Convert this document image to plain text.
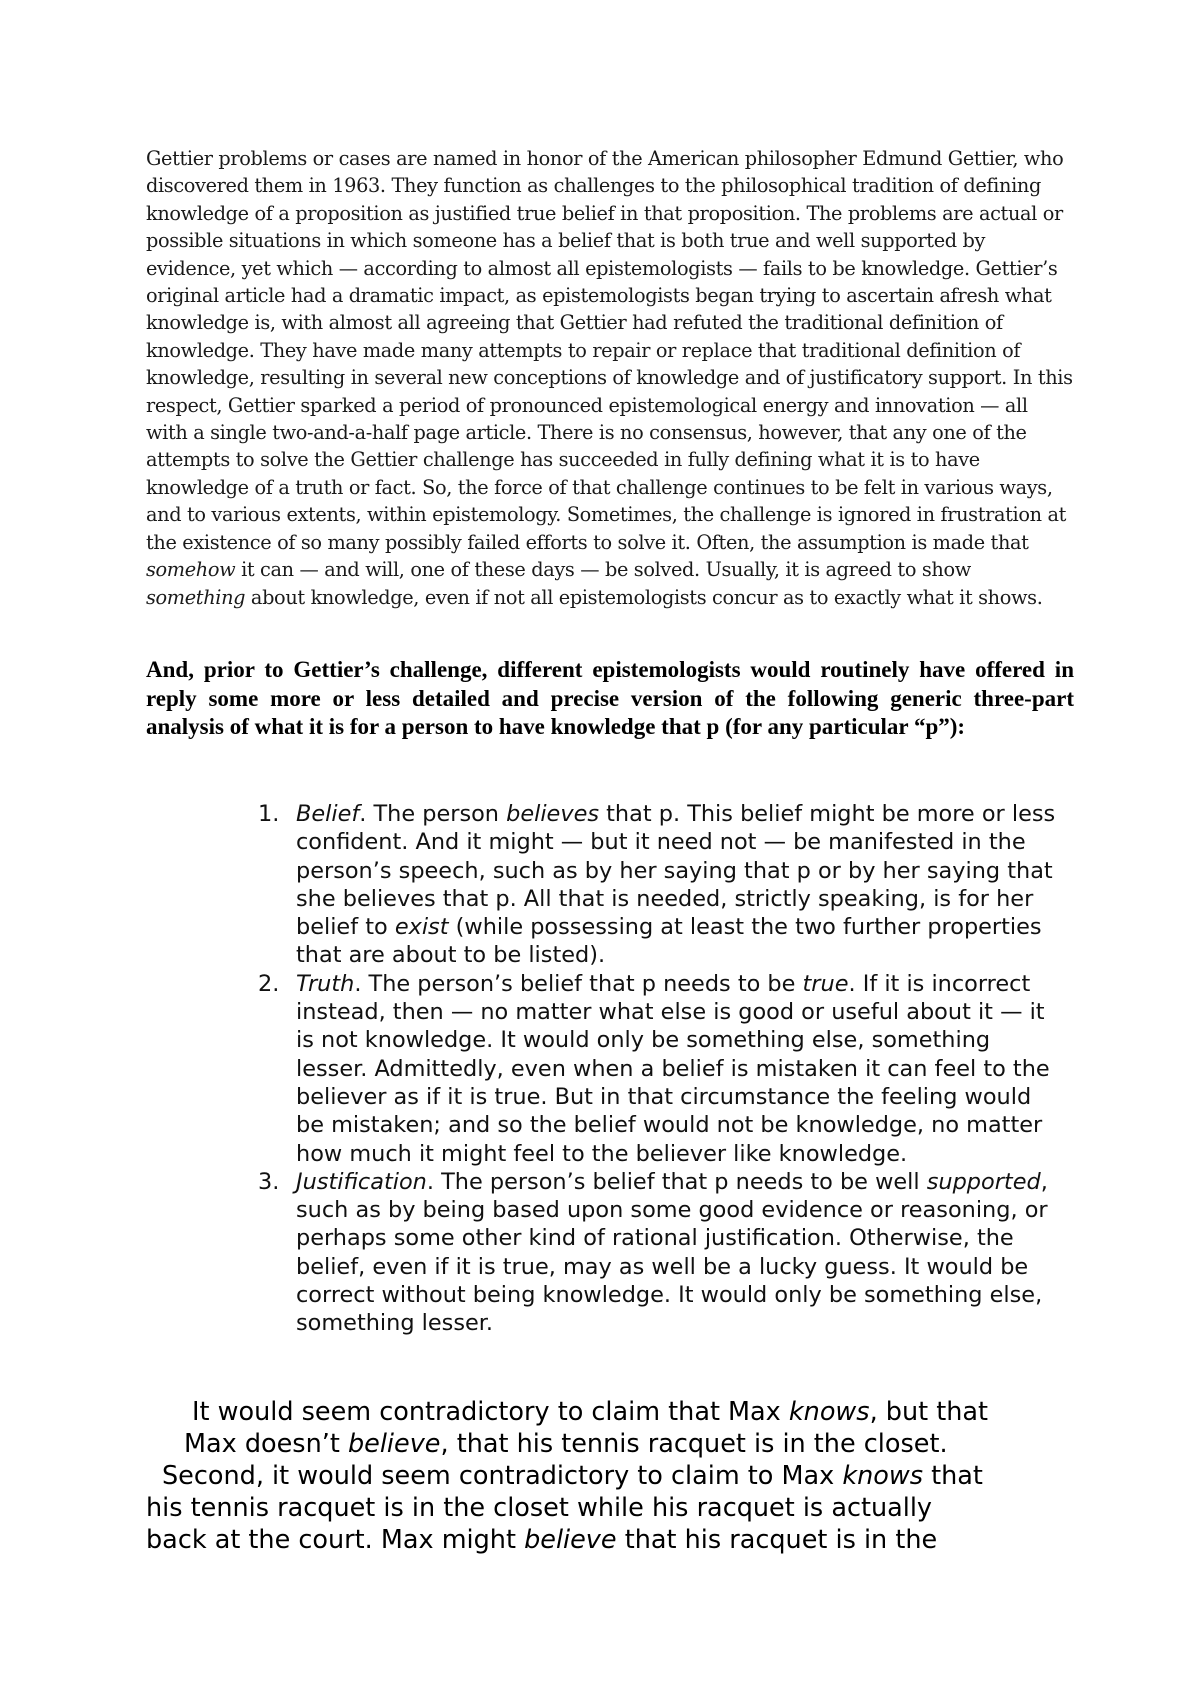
Gettier problems or cases are named in honor of the American philosopher Edmund Gettier, who discovered them in 1963. They function as challenges to the philosophical tradition of defining knowledge of a proposition as justified true belief in that proposition. The problems are actual or possible situations in which someone has a belief that is both true and well supported by evidence, yet which — according to almost all epistemologists — fails to be knowledge. Gettier’s original article had a dramatic impact, as epistemologists began trying to ascertain afresh what knowledge is, with almost all agreeing that Gettier had refuted the traditional definition of knowledge. They have made many attempts to repair or replace that traditional definition of knowledge, resulting in several new conceptions of knowledge and of justificatory support. In this respect, Gettier sparked a period of pronounced epistemological energy and innovation — all with a single two-and-a-half page article. There is no consensus, however, that any one of the attempts to solve the Gettier challenge has succeeded in fully defining what it is to have knowledge of a truth or fact. So, the force of that challenge continues to be felt in various ways, and to various extents, within epistemology. Sometimes, the challenge is ignored in frustration at the existence of so many possibly failed efforts to solve it. Often, the assumption is made that somehow it can — and will, one of these days — be solved. Usually, it is agreed to show something about knowledge, even if not all epistemologists concur as to exactly what it shows.

And, prior to Gettier’s challenge, different epistemologists would routinely have offered in reply some more or less detailed and precise version of the following generic three-part analysis of what it is for a person to have knowledge that p (for any particular “p”):

1. Belief. The person believes that p. This belief might be more or less confident. And it might — but it need not — be manifested in the person’s speech, such as by her saying that p or by her saying that she believes that p. All that is needed, strictly speaking, is for her belief to exist (while possessing at least the two further properties that are about to be listed).
2. Truth. The person’s belief that p needs to be true. If it is incorrect instead, then — no matter what else is good or useful about it — it is not knowledge. It would only be something else, something lesser. Admittedly, even when a belief is mistaken it can feel to the believer as if it is true. But in that circumstance the feeling would be mistaken; and so the belief would not be knowledge, no matter how much it might feel to the believer like knowledge.
3. Justification. The person’s belief that p needs to be well supported, such as by being based upon some good evidence or reasoning, or perhaps some other kind of rational justification. Otherwise, the belief, even if it is true, may as well be a lucky guess. It would be correct without being knowledge. It would only be something else, something lesser.

It would seem contradictory to claim that Max knows, but that
Max doesn’t believe, that his tennis racquet is in the closet.
Second, it would seem contradictory to claim to Max knows that
his tennis racquet is in the closet while his racquet is actually
back at the court. Max might believe that his racquet is in the
